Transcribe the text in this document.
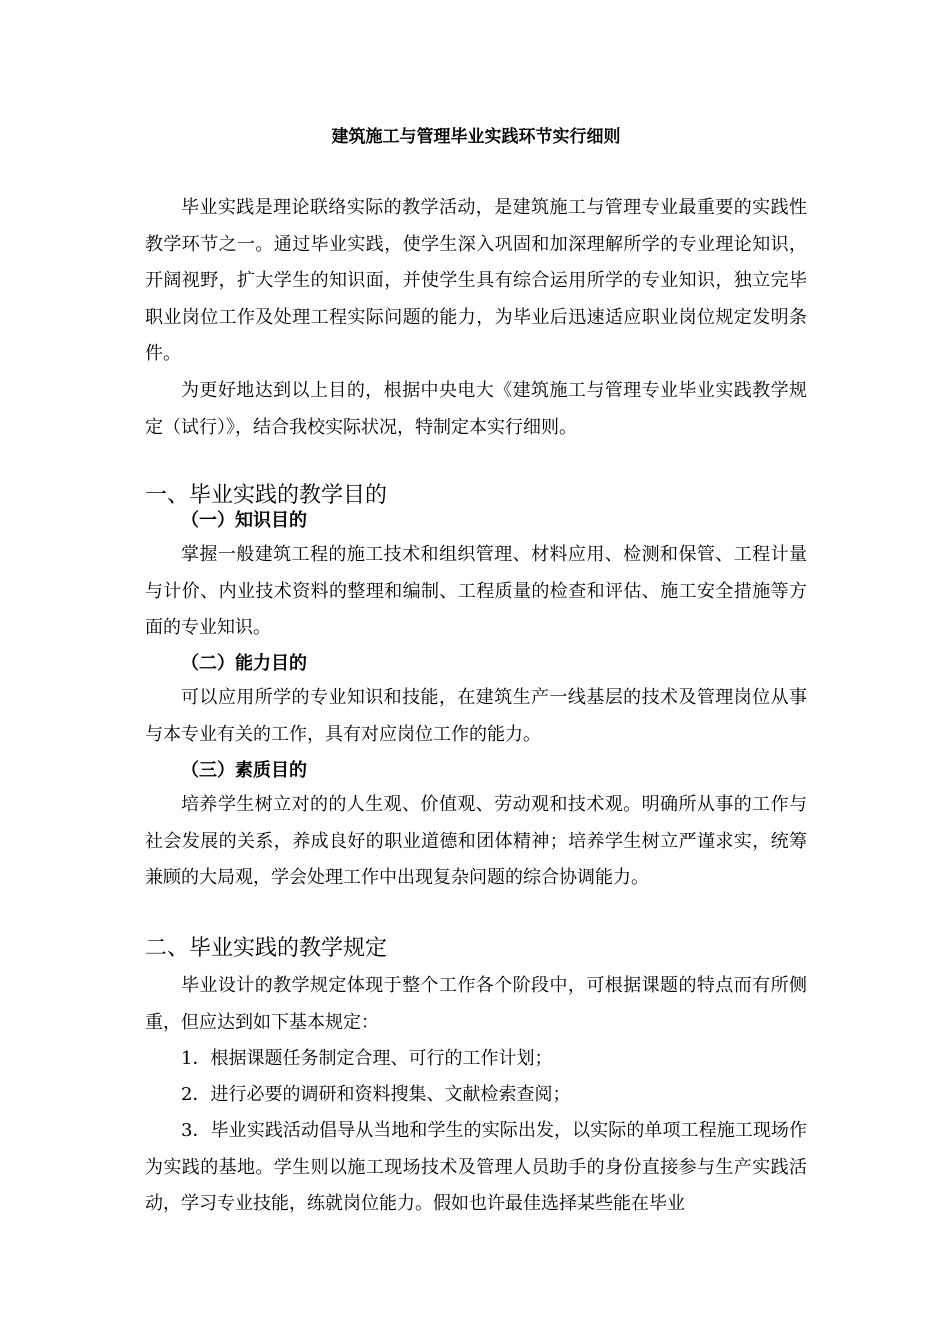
建筑施工与管理毕业实践环节实行细则

毕业实践是理论联络实际的教学活动，是建筑施工与管理专业最重要的实践性教学环节之一。通过毕业实践，使学生深入巩固和加深理解所学的专业理论知识，开阔视野，扩大学生的知识面，并使学生具有综合运用所学的专业知识，独立完毕职业岗位工作及处理工程实际问题的能力，为毕业后迅速适应职业岗位规定发明条件。

为更好地达到以上目的，根据中央电大《建筑施工与管理专业毕业实践教学规定（试行）》，结合我校实际状况，特制定本实行细则。

一、毕业实践的教学目的
（一）知识目的

掌握一般建筑工程的施工技术和组织管理、材料应用、检测和保管、工程计量与计价、内业技术资料的整理和编制、工程质量的检查和评估、施工安全措施等方面的专业知识。

（二）能力目的

可以应用所学的专业知识和技能，在建筑生产一线基层的技术及管理岗位从事与本专业有关的工作，具有对应岗位工作的能力。

（三）素质目的

培养学生树立对的的人生观、价值观、劳动观和技术观。明确所从事的工作与社会发展的关系，养成良好的职业道德和团体精神；培养学生树立严谨求实，统筹兼顾的大局观，学会处理工作中出现复杂问题的综合协调能力。

二、毕业实践的教学规定

毕业设计的教学规定体现于整个工作各个阶段中，可根据课题的特点而有所侧重，但应达到如下基本规定：

1．根据课题任务制定合理、可行的工作计划；

2．进行必要的调研和资料搜集、文献检索查阅；

3．毕业实践活动倡导从当地和学生的实际出发，以实际的单项工程施工现场作为实践的基地。学生则以施工现场技术及管理人员助手的身份直接参与生产实践活动，学习专业技能，练就岗位能力。假如也许最佳选择某些能在毕业
